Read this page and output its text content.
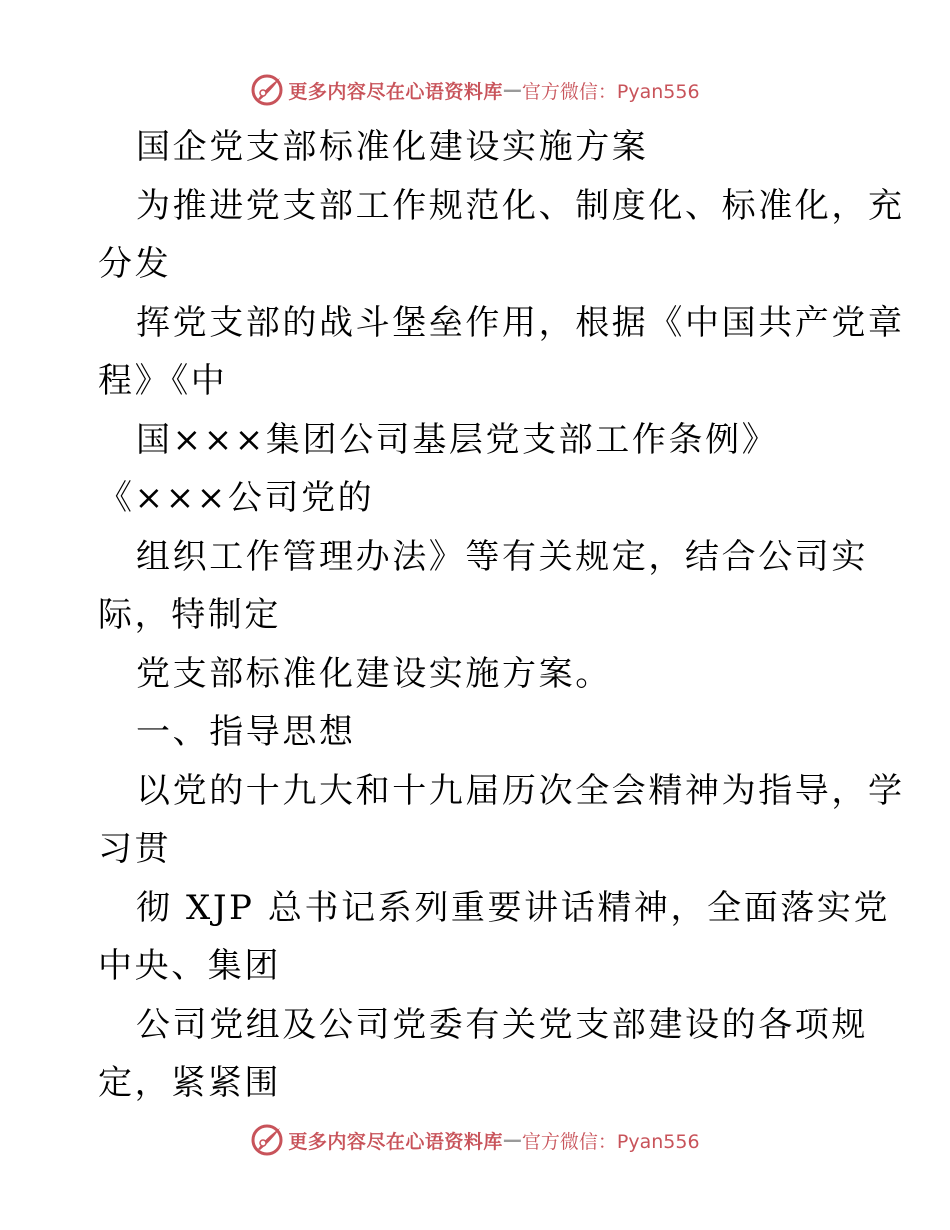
更多内容尽在心语资料库 — 官方微信：Pyan556
国企党支部标准化建设实施方案
为推进党支部工作规范化、制度化、标准化，充
分发
挥党支部的战斗堡垒作用，根据《中国共产党章
程》《中
国×××集团公司基层党支部工作条例》
《×××公司党的
组织工作管理办法》等有关规定，结合公司实
际，特制定
党支部标准化建设实施方案。
一、指导思想
以党的十九大和十九届历次全会精神为指导，学
习贯
彻 XJP 总书记系列重要讲话精神，全面落实党
中央、集团
公司党组及公司党委有关党支部建设的各项规
定，紧紧围
更多内容尽在心语资料库 — 官方微信：Pyan556
